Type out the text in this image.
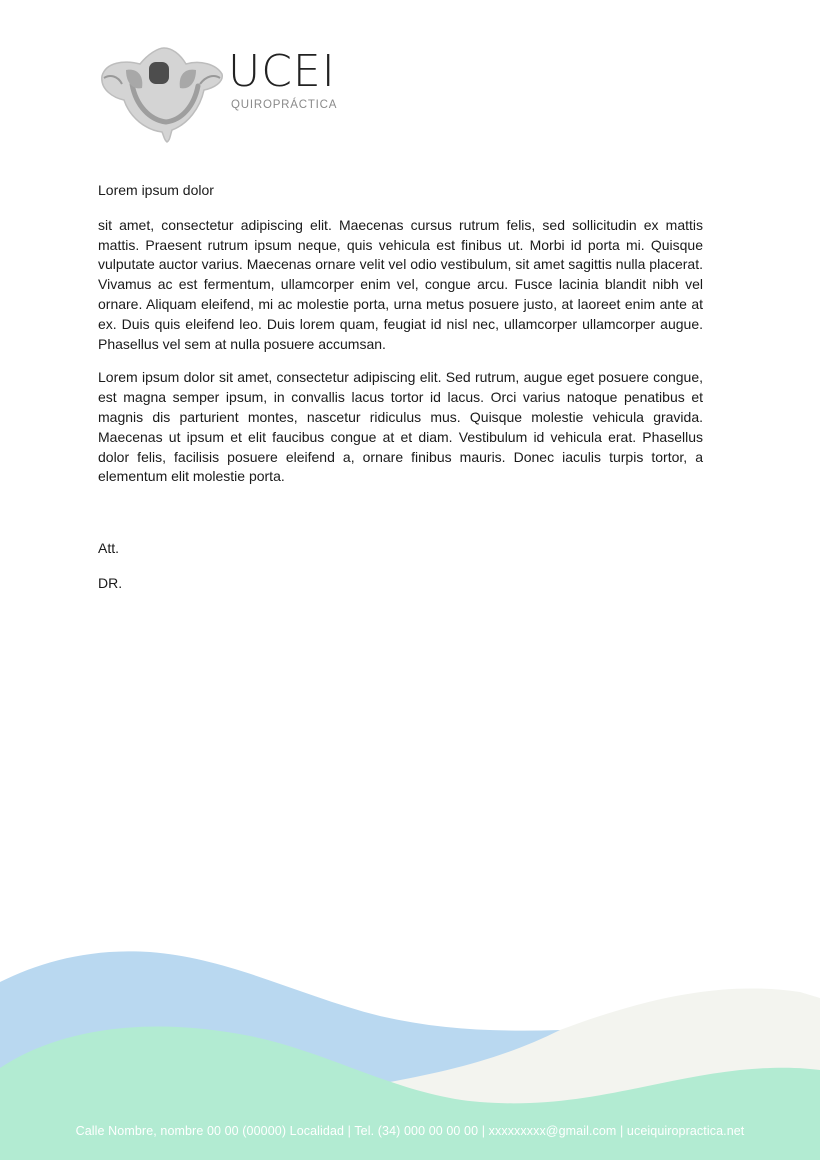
UCEI
QUIROPRÁCTICA

Lorem ipsum dolor

sit amet, consectetur adipiscing elit. Maecenas cursus rutrum felis, sed sollicitudin ex mattis mattis. Praesent rutrum ipsum neque, quis vehicula est finibus ut. Morbi id porta mi. Quisque vulputate auctor varius. Maecenas ornare velit vel odio vestibulum, sit amet sagittis nulla placerat. Vivamus ac est fermentum, ullamcorper enim vel, congue arcu. Fusce lacinia blandit nibh vel ornare. Aliquam eleifend, mi ac molestie porta, urna metus posuere justo, at laoreet enim ante at ex. Duis quis eleifend leo. Duis lorem quam, feugiat id nisl nec, ullamcorper ullamcorper augue. Phasellus vel sem at nulla posuere accumsan.

Lorem ipsum dolor sit amet, consectetur adipiscing elit. Sed rutrum, augue eget posuere congue, est magna semper ipsum, in convallis lacus tortor id lacus. Orci varius natoque penatibus et magnis dis parturient montes, nascetur ridiculus mus. Quisque molestie vehicula gravida. Maecenas ut ipsum et elit faucibus congue at et diam. Vestibulum id vehicula erat. Phasellus dolor felis, facilisis posuere eleifend a, ornare finibus mauris. Donec iaculis turpis tortor, a elementum elit molestie porta.

Att.
DR.
Calle Nombre, nombre 00 00 (00000) Localidad | Tel. (34) 000 00 00 00 | xxxxxxxxx@gmail.com | uceiquiropractica.net
